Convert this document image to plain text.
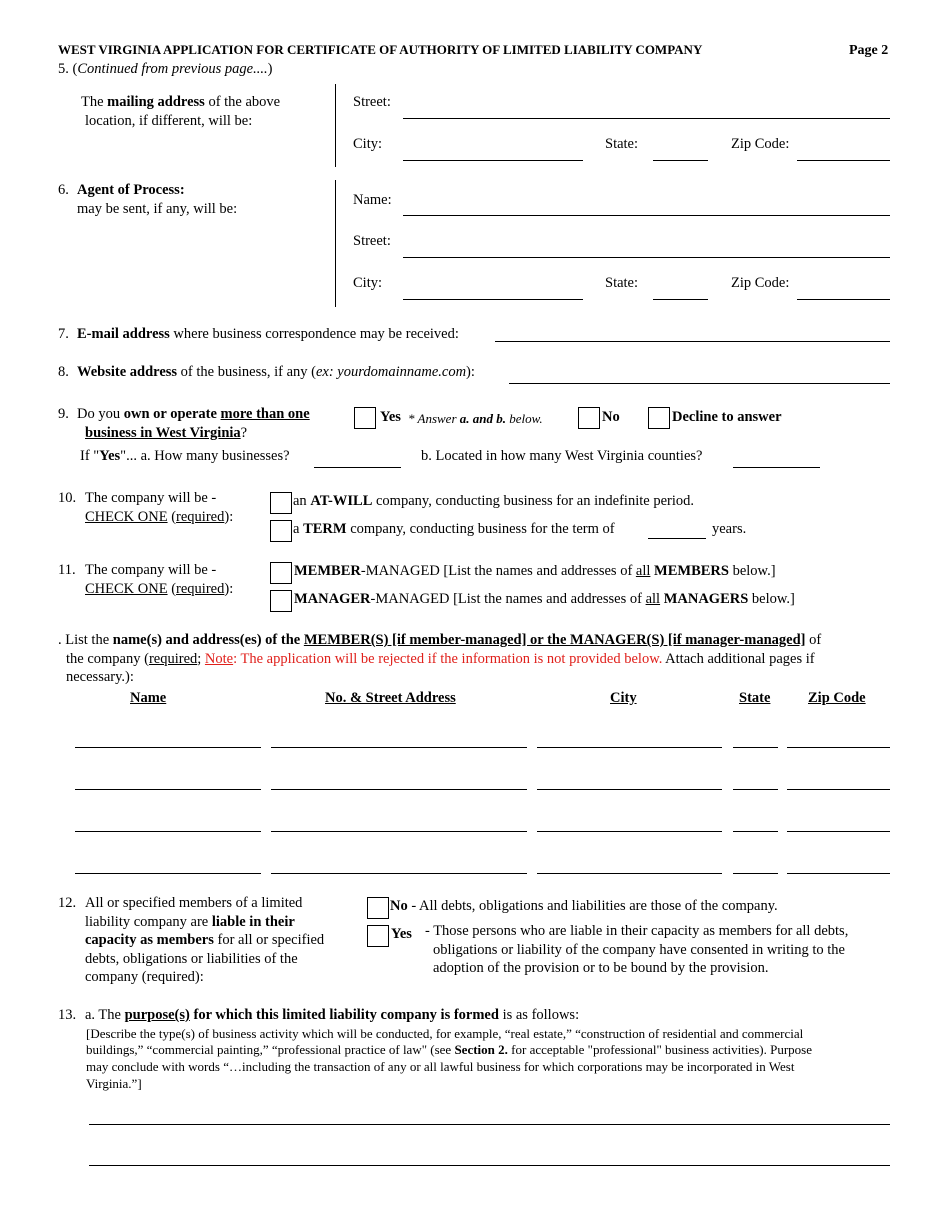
WEST VIRGINIA APPLICATION FOR CERTIFICATE OF AUTHORITY OF LIMITED LIABILITY COMPANY	Page 2
5. (Continued from previous page....)
The mailing address of the above
location, if different, will be:
Street:
City:	State:	Zip Code:
6. Agent of Process:
may be sent, if any, will be:
Name:
Street:
City:	State:	Zip Code:
7. E-mail address where business correspondence may be received:
8. Website address of the business, if any (ex: yourdomainname.com):
9. Do you own or operate more than one
business in West Virginia?
Yes * Answer a. and b. below.	No	Decline to answer
If "Yes"... a. How many businesses?	b. Located in how many West Virginia counties?
10. The company will be -
CHECK ONE (required):
an AT-WILL company, conducting business for an indefinite period.
a TERM company, conducting business for the term of	years.
11. The company will be -
CHECK ONE (required):
MEMBER-MANAGED [List the names and addresses of all MEMBERS below.]
MANAGER-MANAGED [List the names and addresses of all MANAGERS below.]
. List the name(s) and address(es) of the MEMBER(S) [if member-managed] or the MANAGER(S) [if manager-managed] of
the company (required; Note: The application will be rejected if the information is not provided below. Attach additional pages if
necessary.):
Name	No. & Street Address	City	State	Zip Code
12. All or specified members of a limited
liability company are liable in their
capacity as members for all or specified
debts, obligations or liabilities of the
company (required):
No - All debts, obligations and liabilities are those of the company.
Yes - Those persons who are liable in their capacity as members for all debts,
obligations or liability of the company have consented in writing to the
adoption of the provision or to be bound by the provision.
13. a. The purpose(s) for which this limited liability company is formed is as follows:
[Describe the type(s) of business activity which will be conducted, for example, “real estate,” “construction of residential and commercial
buildings,” “commercial painting,” “professional practice of law" (see Section 2. for acceptable "professional" business activities). Purpose
may conclude with words “…including the transaction of any or all lawful business for which corporations may be incorporated in West
Virginia.”]
